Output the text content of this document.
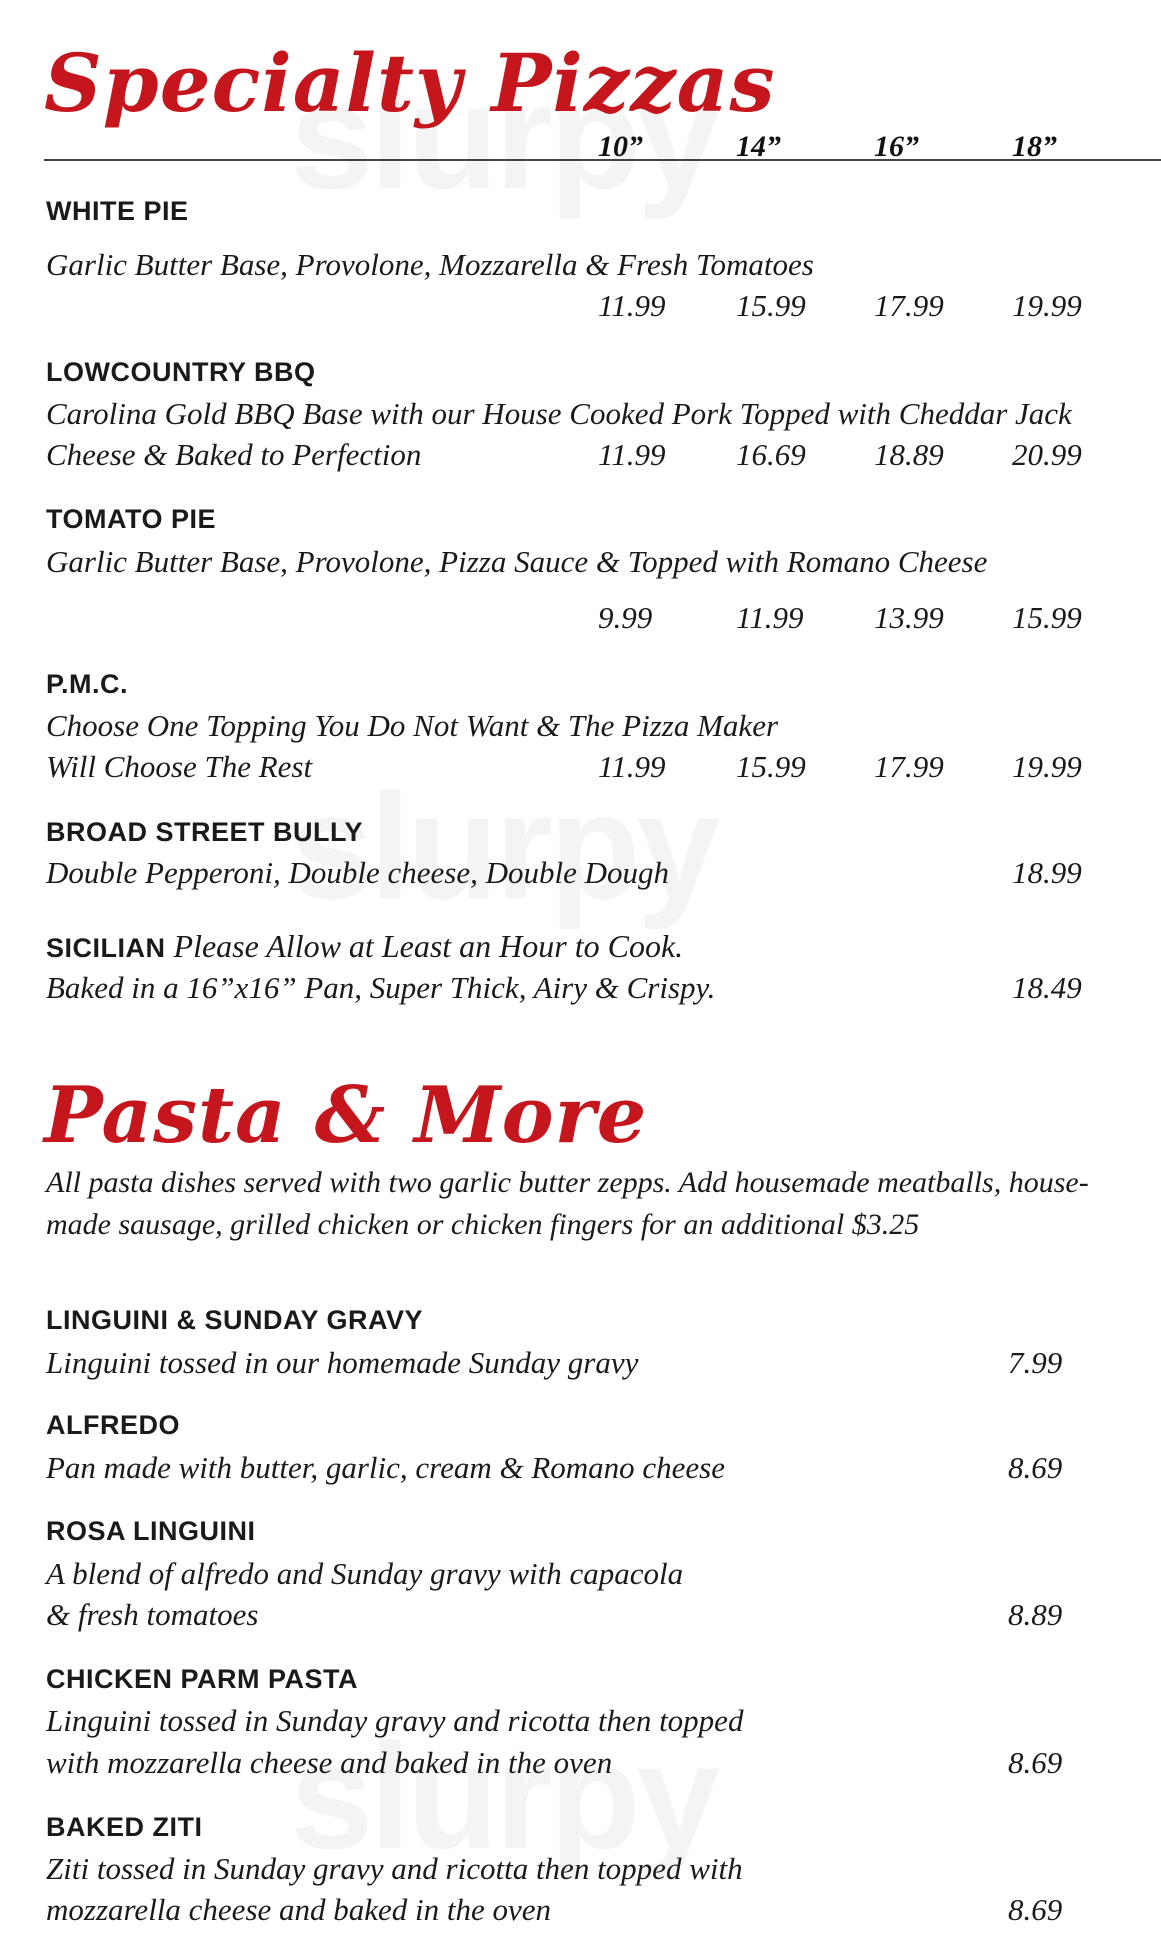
Specialty Pizzas
10”	14”	16”	18”
WHITE PIE
Garlic Butter Base, Provolone, Mozzarella & Fresh Tomatoes
11.99 15.99 17.99 19.99
LOWCOUNTRY BBQ
Carolina Gold BBQ Base with our House Cooked Pork Topped with Cheddar Jack
Cheese & Baked to Perfection	11.99 16.69 18.89 20.99
TOMATO PIE
Garlic Butter Base, Provolone, Pizza Sauce & Topped with Romano Cheese
9.99	11.99 13.99 15.99
P.M.C.
Choose One Topping You Do Not Want & The Pizza Maker
Will Choose The Rest	11.99 15.99 17.99 19.99
BROAD STREET BULLY
Double Pepperoni, Double cheese, Double Dough	18.99
SICILIAN Please Allow at Least an Hour to Cook.
Baked in a 16”x16” Pan, Super Thick, Airy & Crispy.	18.49
Pasta & More
All pasta dishes served with two garlic butter zepps. Add housemade meatballs, house-
made sausage, grilled chicken or chicken fingers for an additional $3.25
LINGUINI & SUNDAY GRAVY
Linguini tossed in our homemade Sunday gravy	7.99
ALFREDO
Pan made with butter, garlic, cream & Romano cheese	8.69
ROSA LINGUINI
A blend of alfredo and Sunday gravy with capacola
& fresh tomatoes	8.89
CHICKEN PARM PASTA
Linguini tossed in Sunday gravy and ricotta then topped
with mozzarella cheese and baked in the oven	8.69
BAKED ZITI
Ziti tossed in Sunday gravy and ricotta then topped with
mozzarella cheese and baked in the oven	8.69
